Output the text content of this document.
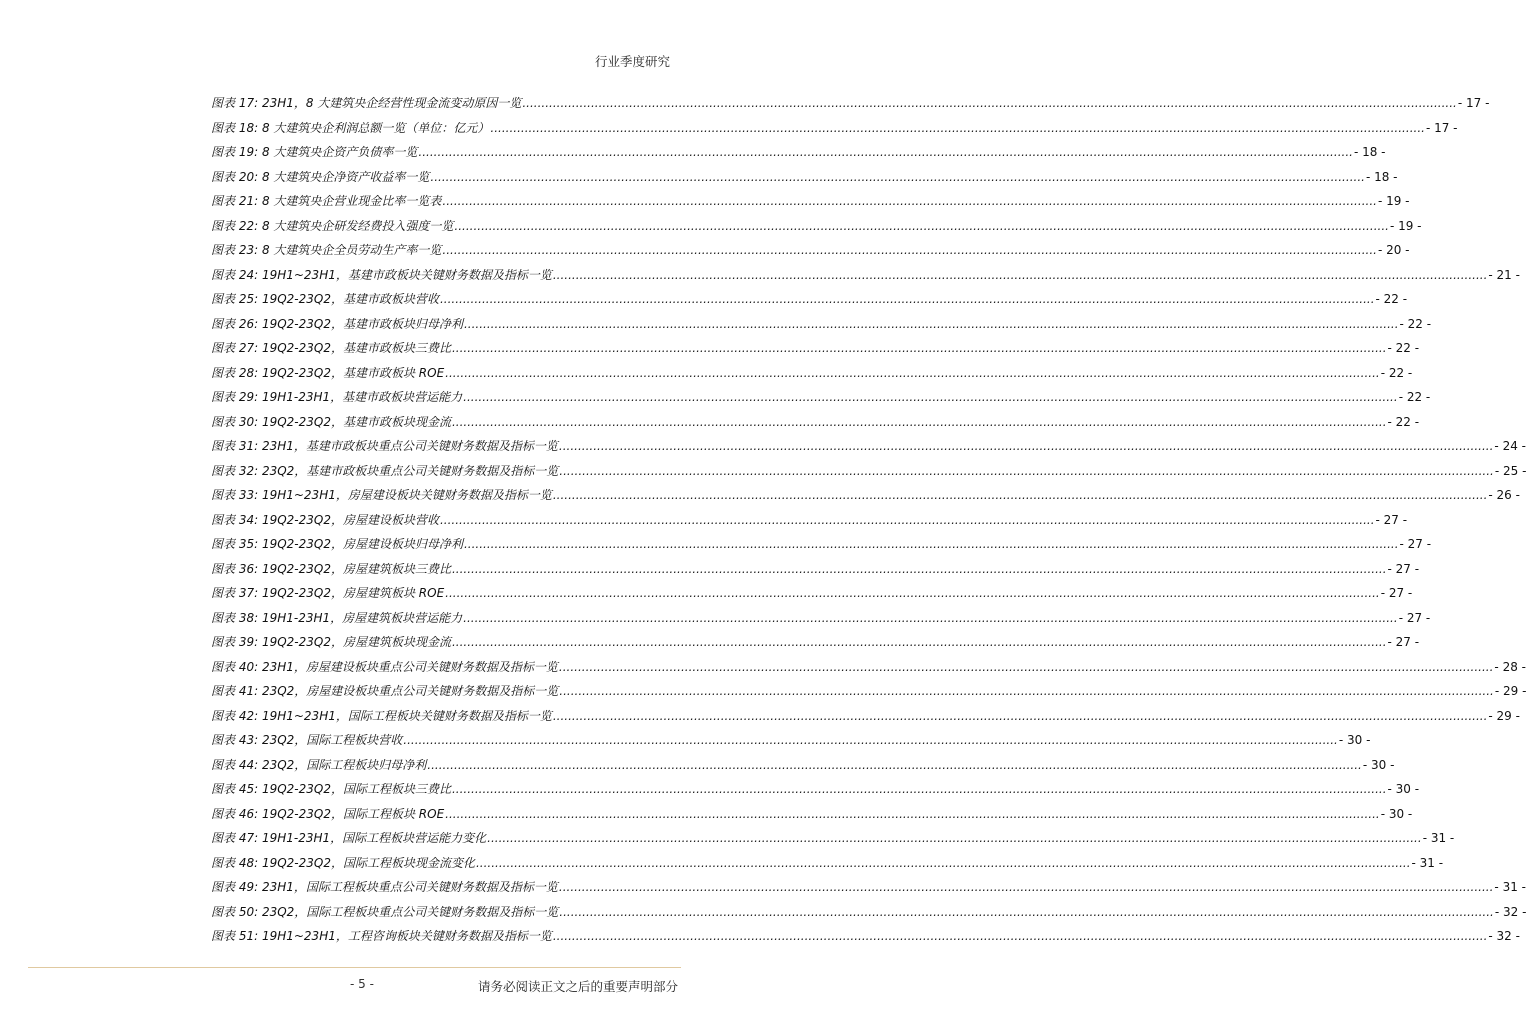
行业季度研究
图表 17: 23H1，8 大建筑央企经营性现金流变动原因一览 .....	- 17 -
图表 18: 8 大建筑央企利润总额一览（单位：亿元） .....	- 17 -
图表 19: 8 大建筑央企资产负债率一览 .....	- 18 -
图表 20: 8 大建筑央企净资产收益率一览 .....	- 18 -
图表 21: 8 大建筑央企营业现金比率一览表 .....	- 19 -
图表 22: 8 大建筑央企研发经费投入强度一览 .....	- 19 -
图表 23: 8 大建筑央企全员劳动生产率一览 .....	- 20 -
图表 24: 19H1~23H1，基建市政板块关键财务数据及指标一览 .....	- 21 -
图表 25: 19Q2-23Q2，基建市政板块营收 .....	- 22 -
图表 26: 19Q2-23Q2，基建市政板块归母净利 .....	- 22 -
图表 27: 19Q2-23Q2，基建市政板块三费比 .....	- 22 -
图表 28: 19Q2-23Q2，基建市政板块 ROE .....	- 22 -
图表 29: 19H1-23H1，基建市政板块营运能力 .....	- 22 -
图表 30: 19Q2-23Q2，基建市政板块现金流 .....	- 22 -
图表 31: 23H1，基建市政板块重点公司关键财务数据及指标一览 .....	- 24 -
图表 32: 23Q2，基建市政板块重点公司关键财务数据及指标一览 .....	- 25 -
图表 33: 19H1~23H1，房屋建设板块关键财务数据及指标一览 .....	- 26 -
图表 34: 19Q2-23Q2，房屋建设板块营收 .....	- 27 -
图表 35: 19Q2-23Q2，房屋建设板块归母净利 .....	- 27 -
图表 36: 19Q2-23Q2，房屋建筑板块三费比 .....	- 27 -
图表 37: 19Q2-23Q2，房屋建筑板块 ROE .....	- 27 -
图表 38: 19H1-23H1，房屋建筑板块营运能力 .....	- 27 -
图表 39: 19Q2-23Q2，房屋建筑板块现金流 .....	- 27 -
图表 40: 23H1，房屋建设板块重点公司关键财务数据及指标一览 .....	- 28 -
图表 41: 23Q2，房屋建设板块重点公司关键财务数据及指标一览 .....	- 29 -
图表 42: 19H1~23H1，国际工程板块关键财务数据及指标一览 .....	- 29 -
图表 43: 23Q2，国际工程板块营收 .....	- 30 -
图表 44: 23Q2，国际工程板块归母净利 .....	- 30 -
图表 45: 19Q2-23Q2，国际工程板块三费比 .....	- 30 -
图表 46: 19Q2-23Q2，国际工程板块 ROE .....	- 30 -
图表 47: 19H1-23H1，国际工程板块营运能力变化 .....	- 31 -
图表 48: 19Q2-23Q2，国际工程板块现金流变化 .....	- 31 -
图表 49: 23H1，国际工程板块重点公司关键财务数据及指标一览 .....	- 31 -
图表 50: 23Q2，国际工程板块重点公司关键财务数据及指标一览 .....	- 32 -
图表 51: 19H1~23H1，工程咨询板块关键财务数据及指标一览 .....	- 32 -
- 5 -	请务必阅读正文之后的重要声明部分
